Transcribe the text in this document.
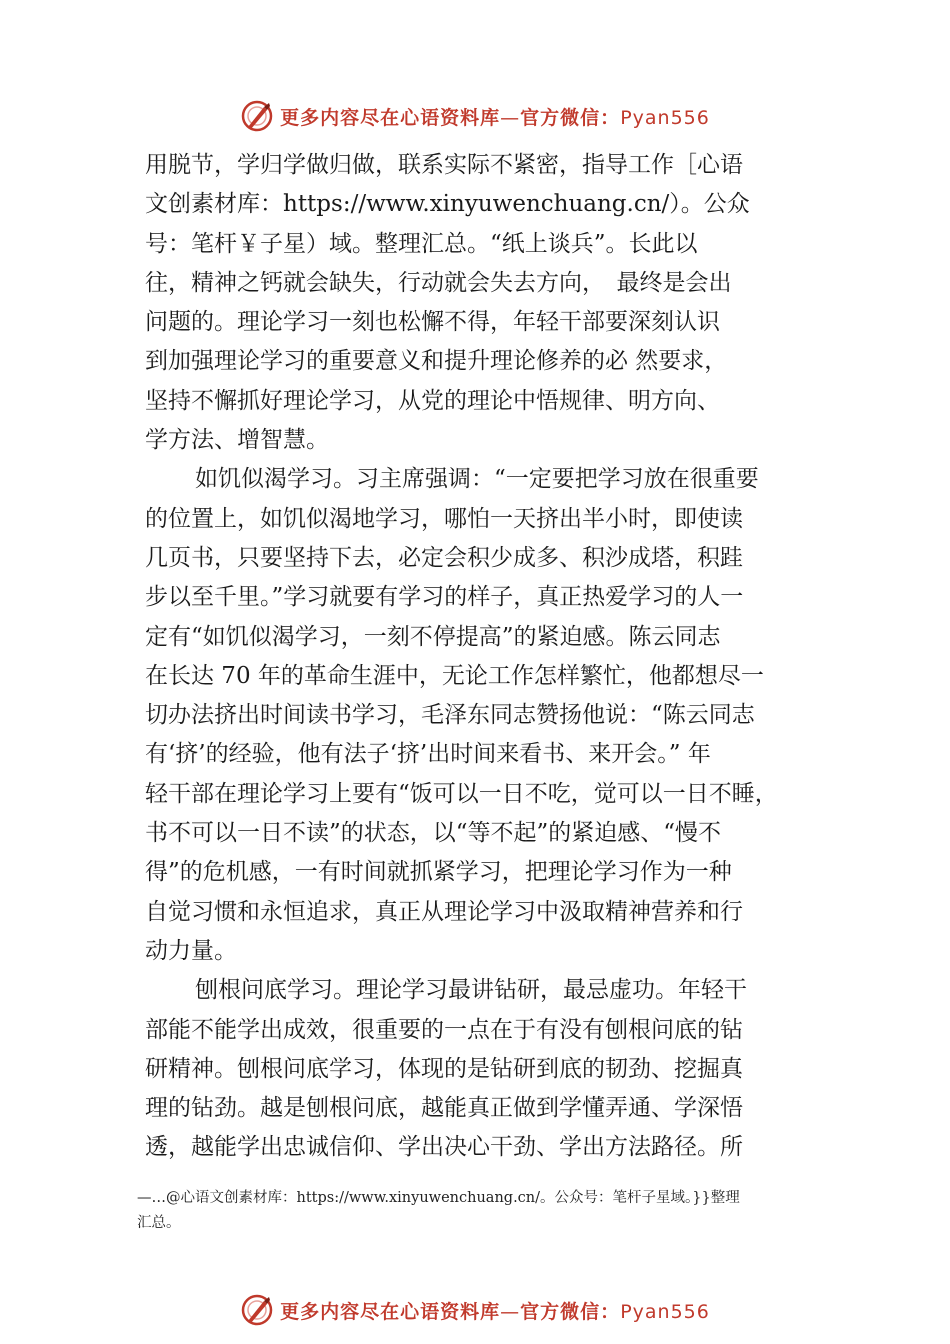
更多内容尽在心语资料库—官方微信：Pyan556

用脱节，学归学做归做，联系实际不紧密，指导工作［心语
文创素材库：https://www.xinyuwenchuang.cn/）。公众
号：笔杆￥子星）域。整理汇总。“纸上谈兵”。长此以
往，精神之钙就会缺失，行动就会失去方向，　最终是会出
问题的。理论学习一刻也松懈不得，年轻干部要深刻认识
到加强理论学习的重要意义和提升理论修养的必 然要求，
坚持不懈抓好理论学习，从党的理论中悟规律、明方向、
学方法、增智慧。

如饥似渴学习。习主席强调：“一定要把学习放在很重要
的位置上，如饥似渴地学习，哪怕一天挤出半小时，即使读
几页书，只要坚持下去，必定会积少成多、积沙成塔，积跬
步以至千里。”学习就要有学习的样子，真正热爱学习的人一
定有“如饥似渴学习，一刻不停提高”的紧迫感。陈云同志
在长达 70 年的革命生涯中，无论工作怎样繁忙，他都想尽一
切办法挤出时间读书学习，毛泽东同志赞扬他说：“陈云同志
有‘挤’的经验，他有法子‘挤’出时间来看书、来开会。” 年
轻干部在理论学习上要有“饭可以一日不吃，觉可以一日不睡，
书不可以一日不读”的状态，以“等不起”的紧迫感、“慢不
得”的危机感，一有时间就抓紧学习，把理论学习作为一种
自觉习惯和永恒追求，真正从理论学习中汲取精神营养和行
动力量。

刨根问底学习。理论学习最讲钻研，最忌虚功。年轻干
部能不能学出成效，很重要的一点在于有没有刨根问底的钻
研精神。刨根问底学习，体现的是钻研到底的韧劲、挖掘真
理的钻劲。越是刨根问底，越能真正做到学懂弄通、学深悟
透，越能学出忠诚信仰、学出决心干劲、学出方法路径。所

—…@心语文创素材库：https://www.xinyuwenchuang.cn/。公众号：笔杆子星域。}}整理
汇总。
更多内容尽在心语资料库—官方微信：Pyan556
